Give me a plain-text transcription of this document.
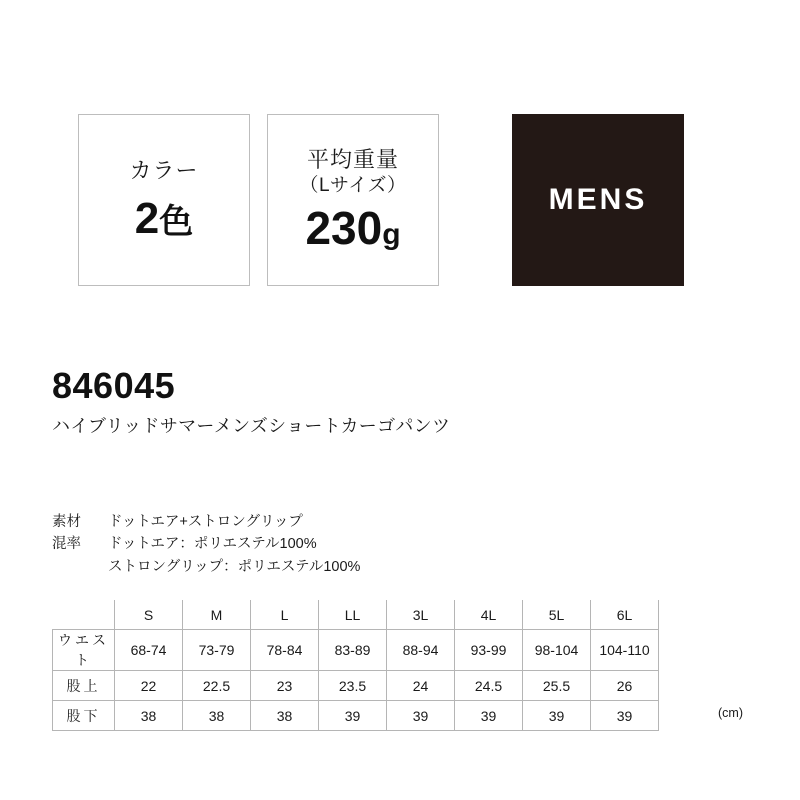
カラー
2色
平均重量
（Lサイズ）
230g
MENS
846045
ハイブリッドサマーメンズショートカーゴパンツ
素材	ドットエア+ストロングリップ
混率	ドットエア：ポリエステル100%
ストロングリップ：ポリエステル100%
	S	M	L	LL	3L	4L	5L	6L
ウエスト	68-74	73-79	78-84	83-89	88-94	93-99	98-104	104-110
股上	22	22.5	23	23.5	24	24.5	25.5	26
股下	38	38	38	39	39	39	39	39	(cm)
